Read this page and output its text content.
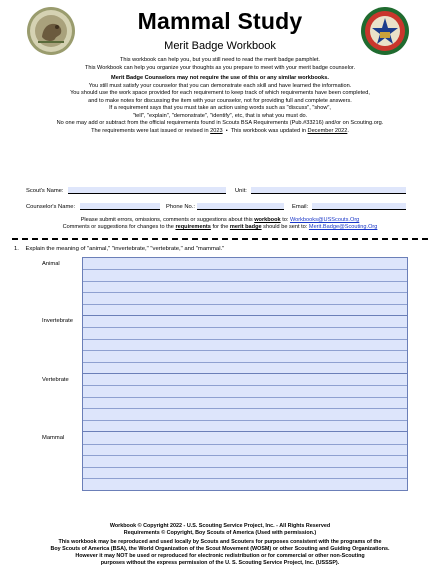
Mammal Study
Merit Badge Workbook
This workbook can help you, but you still need to read the merit badge pamphlet.
This Workbook can help you organize your thoughts as you prepare to meet with your merit badge counselor.
Merit Badge Counselors may not require the use of this or any similar workbooks.
You still must satisfy your counselor that you can demonstrate each skill and have learned the information.
You should use the work space provided for each requirement to keep track of which requirements have been completed,
and to make notes for discussing the item with your counselor, not for providing full and complete answers.
If a requirement says that you must take an action using words such as "discuss", "show",
"tell", "explain", "demonstrate", "identify", etc, that is what you must do.
No one may add or subtract from the official requirements found in Scouts BSA Requirements (Pub.#33216) and/or on Scouting.org.
The requirements were last issued or revised in 2023 • This workbook was updated in December 2022.
Scout's Name:	Unit:
Counselor's Name:	Phone No.:	Email:
Please submit errors, omissions, comments or suggestions about this workbook to: Workbooks@USScouts.Org
Comments or suggestions for changes to the requirements for the merit badge should be sent to: Merit.Badge@Scouting.Org
1. Explain the meaning of "animal," "invertebrate," "vertebrate," and "mammal."
Animal
Invertebrate
Vertebrate
Mammal
Workbook © Copyright 2022 - U.S. Scouting Service Project, Inc. - All Rights Reserved
Requirements © Copyright, Boy Scouts of America (Used with permission.)
This workbook may be reproduced and used locally by Scouts and Scouters for purposes consistent with the programs of the
Boy Scouts of America (BSA), the World Organization of the Scout Movement (WOSM) or other Scouting and Guiding Organizations.
However it may NOT be used or reproduced for electronic redistribution or for commercial or other non-Scouting
purposes without the express permission of the U. S. Scouting Service Project, Inc. (USSSP).
